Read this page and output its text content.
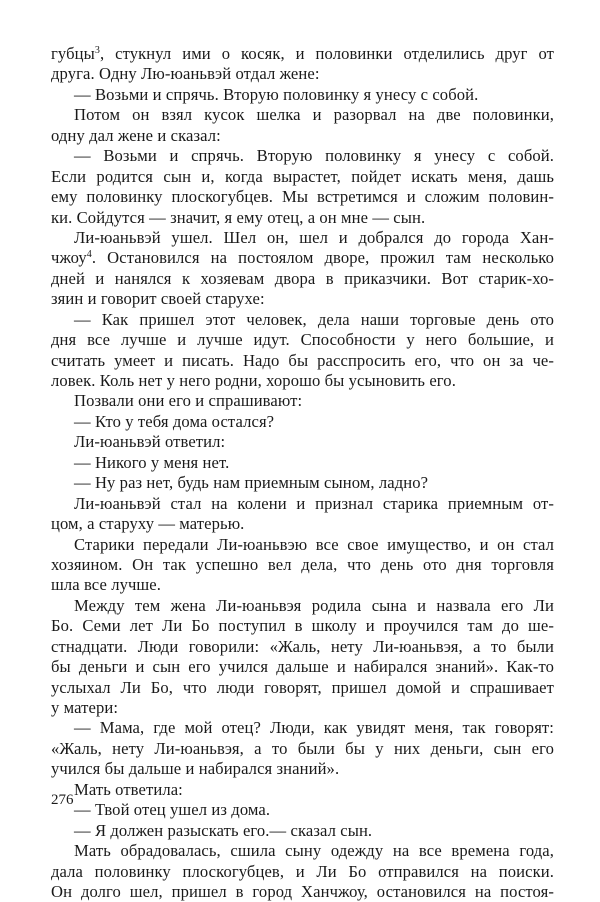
губцы$^3$, стукнул ими о косяк, и половинки отделились друг от
друга. Одну Лю-юаньвэй отдал жене:
— Возьми и спрячь. Вторую половинку я унесу с собой.
Потом он взял кусок шелка и разорвал на две половинки,
одну дал жене и сказал:
— Возьми и спрячь. Вторую половинку я унесу с собой.
Если родится сын и, когда вырастет, пойдет искать меня, дашь
ему половинку плоскогубцев. Мы встретимся и сложим половин-
ки. Сойдутся — значит, я ему отец, а он мне — сын.
Ли-юаньвэй ушел. Шел он, шел и добрался до города Хан-
чжоу$^4$. Остановился на постоялом дворе, прожил там несколько
дней и нанялся к хозяевам двора в приказчики. Вот старик-хо-
зяин и говорит своей старухе:
— Как пришел этот человек, дела наши торговые день ото
дня все лучше и лучше идут. Способности у него большие, и
считать умеет и писать. Надо бы расспросить его, что он за че-
ловек. Коль нет у него родни, хорошо бы усыновить его.
Позвали они его и спрашивают:
— Кто у тебя дома остался?
Ли-юаньвэй ответил:
— Никого у меня нет.
— Ну раз нет, будь нам приемным сыном, ладно?
Ли-юаньвэй стал на колени и признал старика приемным от-
цом, а старуху — матерью.
Старики передали Ли-юаньвэю все свое имущество, и он стал
хозяином. Он так успешно вел дела, что день ото дня торговля
шла все лучше.
Между тем жена Ли-юаньвэя родила сына и назвала его Ли
Бо. Семи лет Ли Бо поступил в школу и проучился там до ше-
стнадцати. Люди говорили: «Жаль, нету Ли-юаньвэя, а то были
бы деньги и сын его учился дальше и набирался знаний». Как-то
услыхал Ли Бо, что люди говорят, пришел домой и спрашивает
у матери:
— Мама, где мой отец? Люди, как увидят меня, так говорят:
«Жаль, нету Ли-юаньвэя, а то были бы у них деньги, сын его
учился бы дальше и набирался знаний».
Мать ответила:
— Твой отец ушел из дома.
— Я должен разыскать его.— сказал сын.
Мать обрадовалась, сшила сыну одежду на все времена года,
дала половинку плоскогубцев, и Ли Бо отправился на поиски.
Он долго шел, пришел в город Ханчжоу, остановился на постоя-
276
